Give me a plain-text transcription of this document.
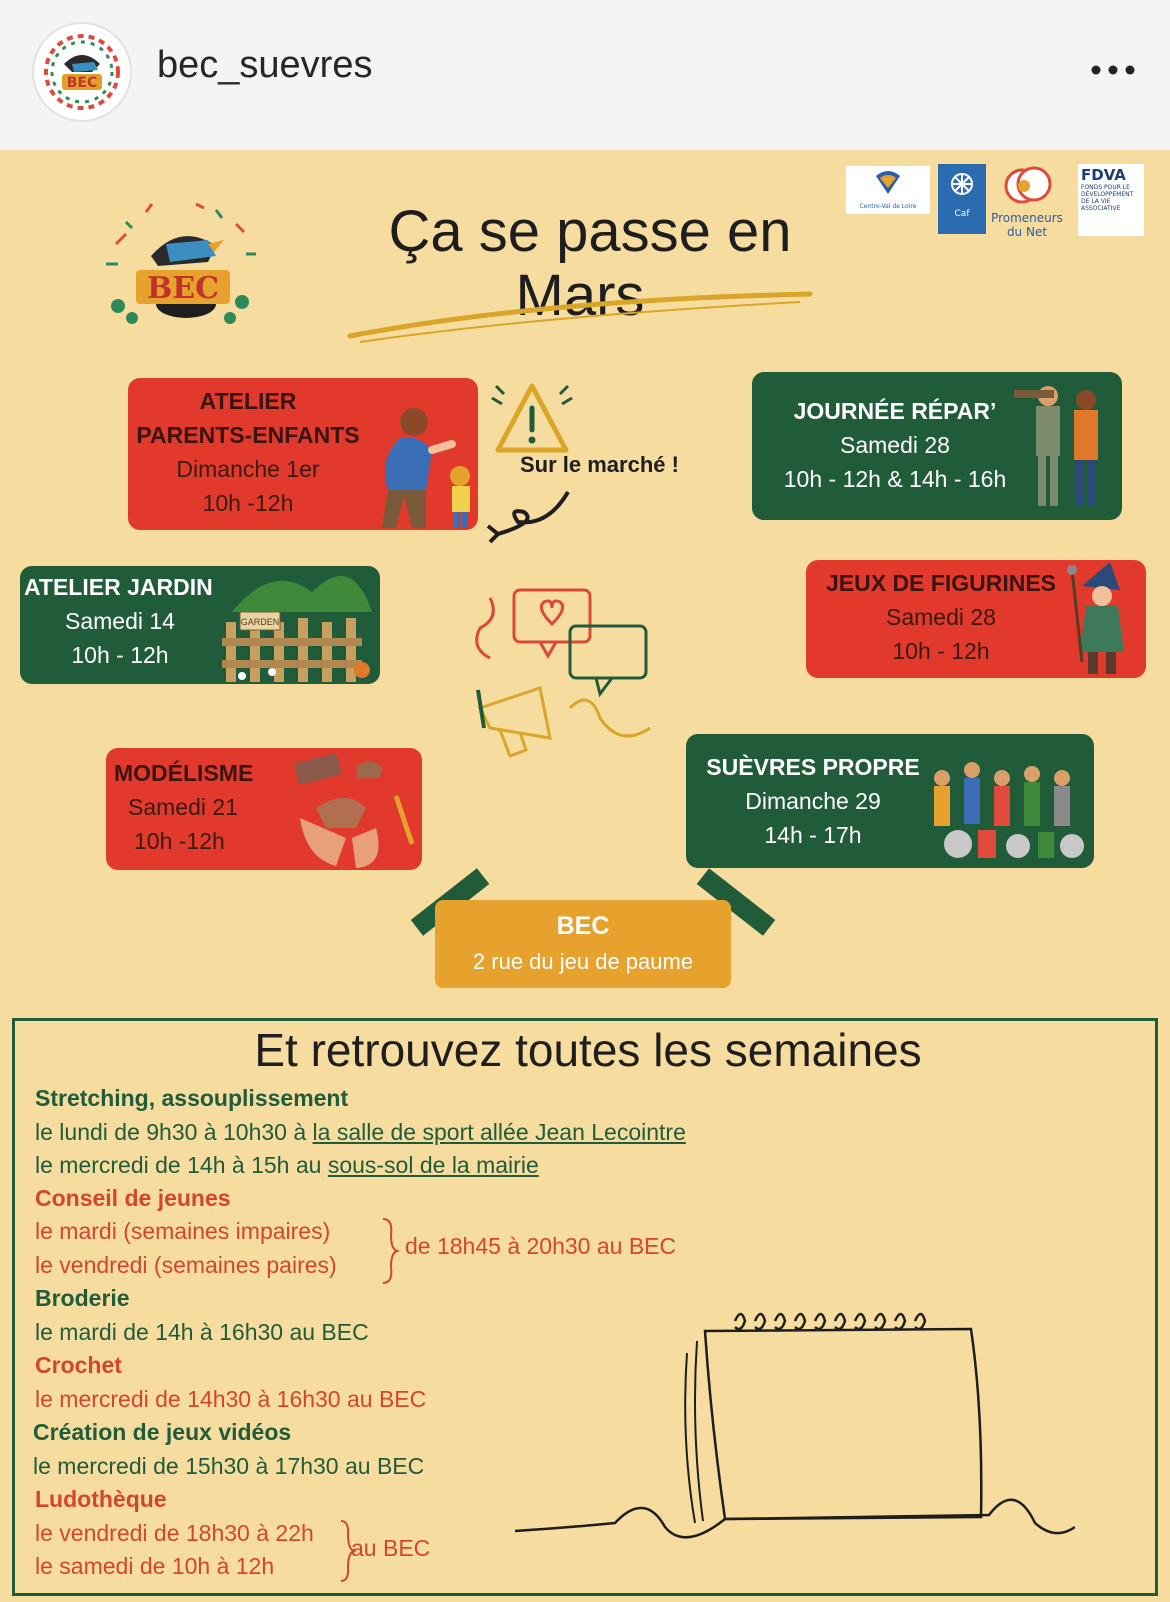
BEC bec_suevres
BEC
Ça se passe en
Mars
Centre-Val de Loire
Caf Promeneurs du Net
FDVA
FONDS POUR LE DÉVELOPPEMENT DE LA VIE ASSOCIATIVE
ATELIER
PARENTS-ENFANTS
Dimanche 1er
10h -12h
Sur le marché !
JOURNÉE RÉPAR’
Samedi 28
10h - 12h & 14h - 16h
ATELIER JARDIN
Samedi 14
10h - 12h
GARDEN
JEUX DE FIGURINES
Samedi 28
10h - 12h
MODÉLISME
Samedi 21
10h -12h
SUÈVRES PROPRE
Dimanche 29
14h - 17h
BEC
2 rue du jeu de paume
Et retrouvez toutes les semaines
Stretching, assouplissement
le lundi de 9h30 à 10h30 à la salle de sport allée Jean Lecointre
le mercredi de 14h à 15h au sous-sol de la mairie
Conseil de jeunes
le mardi (semaines impaires)
le vendredi (semaines paires)
de 18h45 à 20h30 au BEC
Broderie
le mardi de 14h à 16h30 au BEC
Crochet
le mercredi de 14h30 à 16h30 au BEC
Création de jeux vidéos
le mercredi de 15h30 à 17h30 au BEC
Ludothèque
le vendredi de 18h30 à 22h
le samedi de 10h à 12h
au BEC
